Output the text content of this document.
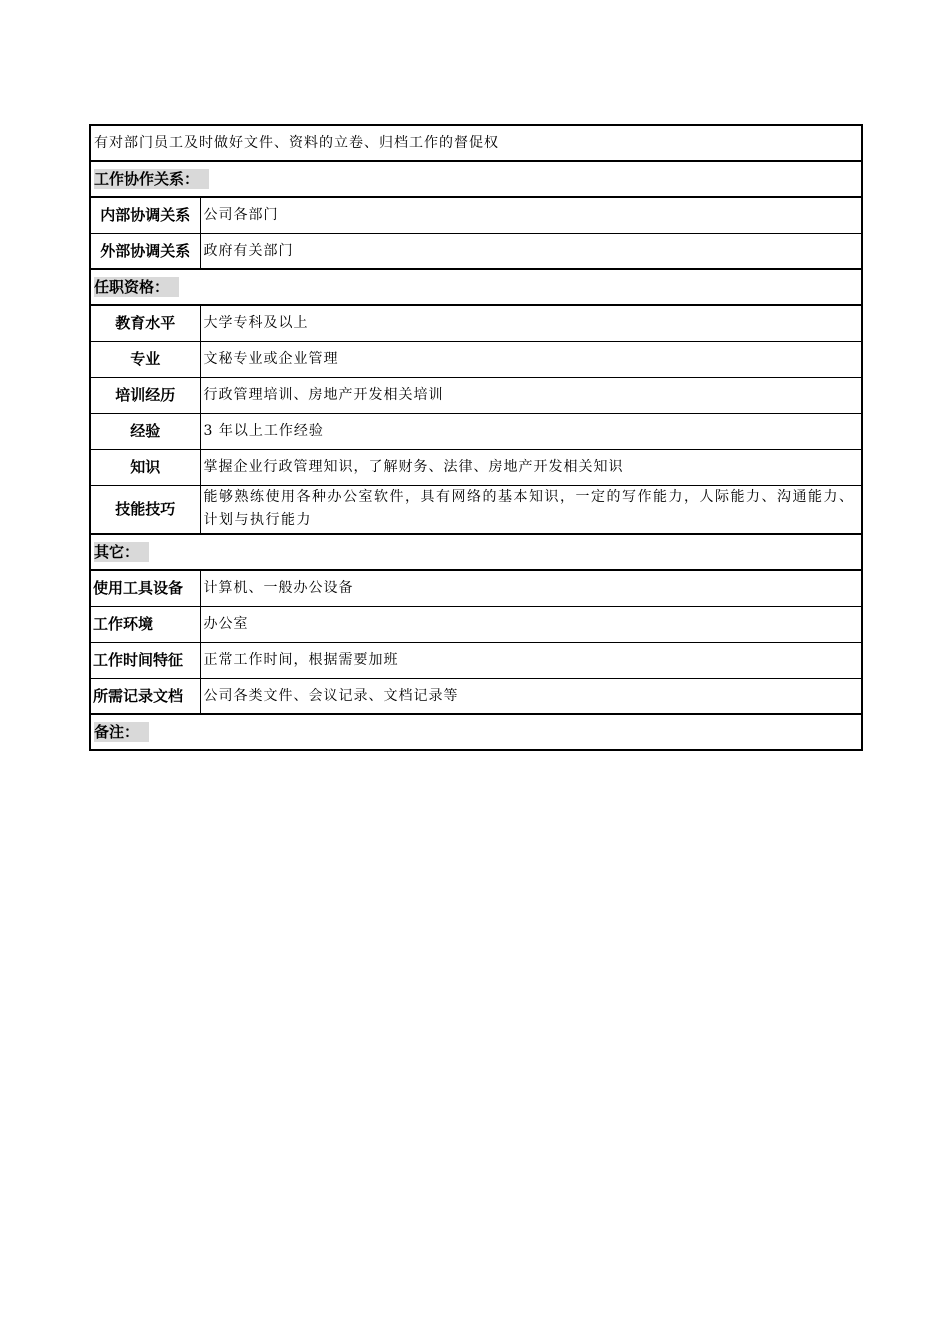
有对部门员工及时做好文件、资料的立卷、归档工作的督促权	
工作协作关系：	
内部协调关系	公司各部门
外部协调关系	政府有关部门
任职资格：	
教育水平	大学专科及以上
专业	文秘专业或企业管理
培训经历	行政管理培训、房地产开发相关培训
经验	3 年以上工作经验
知识	掌握企业行政管理知识，了解财务、法律、房地产开发相关知识
技能技巧	能够熟练使用各种办公室软件，具有网络的基本知识，一定的写作能力，人际能力、沟通能力、计划与执行能力
其它：	
使用工具设备	计算机、一般办公设备
工作环境	办公室
工作时间特征	正常工作时间，根据需要加班
所需记录文档	公司各类文件、会议记录、文档记录等
备注：	
